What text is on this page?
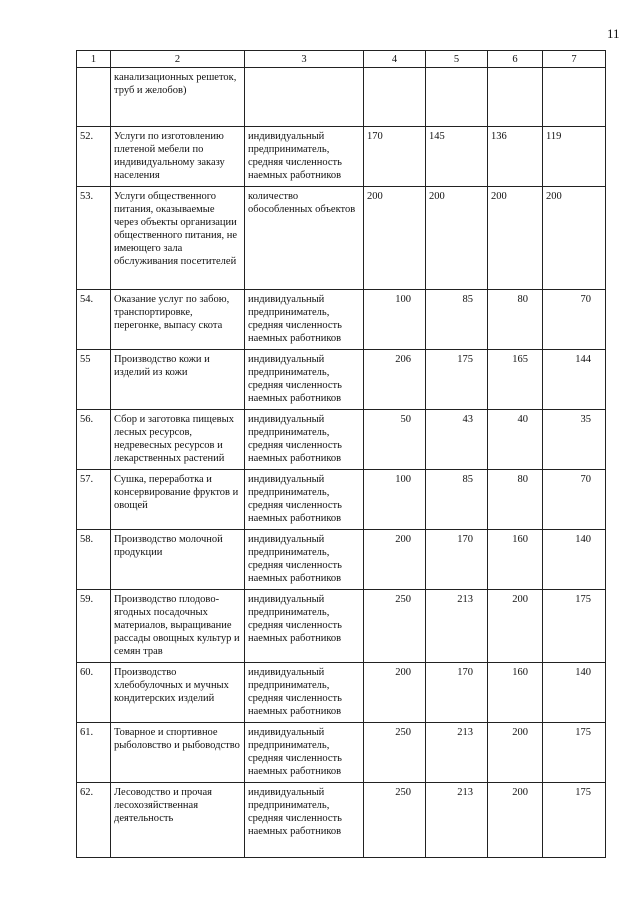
11
1	2	3	4	5	6	7
	канализационных решеток, труб и желобов)					
52.	Услуги по изготовлению плетеной мебели по индивидуальному заказу населения	индивидуальный предприниматель, средняя численность наемных работников	170	145	136	119
53.	Услуги общественного питания, оказываемые через объекты организации общественного питания, не имеющего зала обслуживания посетителей	количество обособленных объектов	200	200	200	200
54.	Оказание услуг по забою, транспортировке, перегонке, выпасу скота	индивидуальный предприниматель, средняя численность наемных работников	100	85	80	70
55	Производство кожи и изделий из кожи	индивидуальный предприниматель, средняя численность наемных работников	206	175	165	144
56.	Сбор и заготовка пищевых лесных ресурсов, недревесных ресурсов и лекарственных растений	индивидуальный предприниматель, средняя численность наемных работников	50	43	40	35
57.	Сушка, переработка и консервирование фруктов и овощей	индивидуальный предприниматель, средняя численность наемных работников	100	85	80	70
58.	Производство молочной продукции	индивидуальный предприниматель, средняя численность наемных работников	200	170	160	140
59.	Производство плодово-ягодных посадочных материалов, выращивание рассады овощных культур и семян трав	индивидуальный предприниматель, средняя численность наемных работников	250	213	200	175
60.	Производство хлебобулочных и мучных кондитерских изделий	индивидуальный предприниматель, средняя численность наемных работников	200	170	160	140
61.	Товарное и спортивное рыболовство и рыбоводство	индивидуальный предприниматель, средняя численность наемных работников	250	213	200	175
62.	Лесоводство и прочая лесохозяйственная деятельность	индивидуальный предприниматель, средняя численность наемных работников	250	213	200	175
